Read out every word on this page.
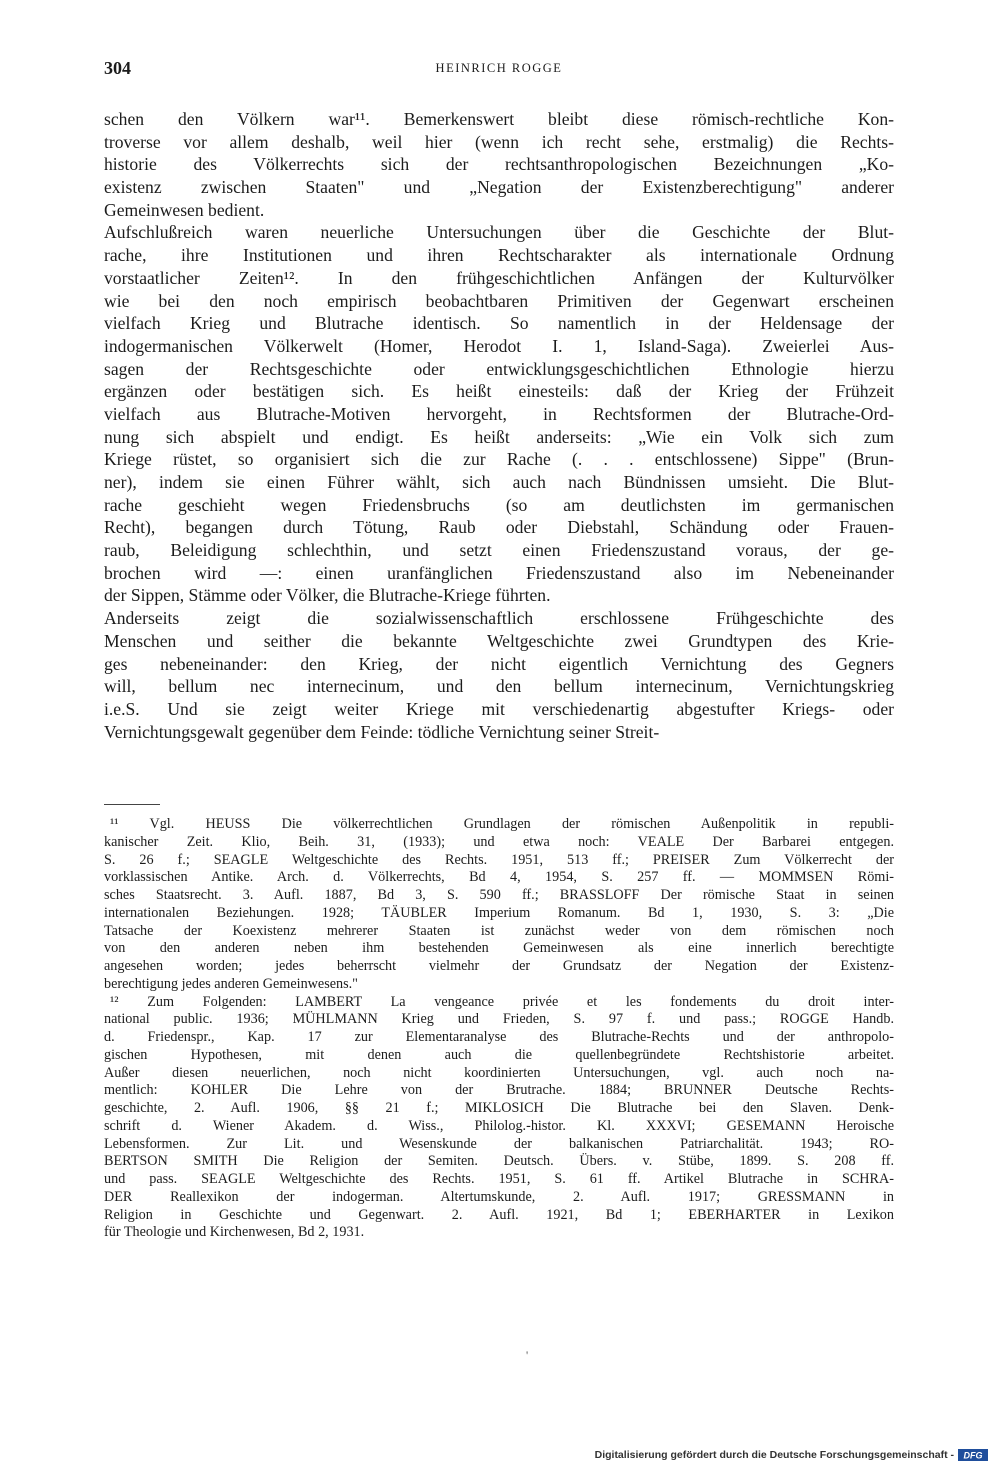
304	HEINRICH ROGGE
schen den Völkern war¹¹. Bemerkenswert bleibt diese römisch-rechtliche Kon-
troverse vor allem deshalb, weil hier (wenn ich recht sehe, erstmalig) die Rechts-
historie des Völkerrechts sich der rechtsanthropologischen Bezeichnungen „Ko-
existenz zwischen Staaten" und „Negation der Existenzberechtigung" anderer
Gemeinwesen bedient.
Aufschlußreich waren neuerliche Untersuchungen über die Geschichte der Blut-
rache, ihre Institutionen und ihren Rechtscharakter als internationale Ordnung
vorstaatlicher Zeiten¹². In den frühgeschichtlichen Anfängen der Kulturvölker
wie bei den noch empirisch beobachtbaren Primitiven der Gegenwart erscheinen
vielfach Krieg und Blutrache identisch. So namentlich in der Heldensage der
indogermanischen Völkerwelt (Homer, Herodot I. 1, Island-Saga). Zweierlei Aus-
sagen der Rechtsgeschichte oder entwicklungsgeschichtlichen Ethnologie hierzu
ergänzen oder bestätigen sich. Es heißt einesteils: daß der Krieg der Frühzeit
vielfach aus Blutrache-Motiven hervorgeht, in Rechtsformen der Blutrache-Ord-
nung sich abspielt und endigt. Es heißt anderseits: „Wie ein Volk sich zum
Kriege rüstet, so organisiert sich die zur Rache (. . . entschlossene) Sippe" (Brun-
ner), indem sie einen Führer wählt, sich auch nach Bündnissen umsieht. Die Blut-
rache geschieht wegen Friedensbruchs (so am deutlichsten im germanischen
Recht), begangen durch Tötung, Raub oder Diebstahl, Schändung oder Frauen-
raub, Beleidigung schlechthin, und setzt einen Friedenszustand voraus, der ge-
brochen wird —: einen uranfänglichen Friedenszustand also im Nebeneinander
der Sippen, Stämme oder Völker, die Blutrache-Kriege führten.
Anderseits zeigt die sozialwissenschaftlich erschlossene Frühgeschichte des
Menschen und seither die bekannte Weltgeschichte zwei Grundtypen des Krie-
ges nebeneinander: den Krieg, der nicht eigentlich Vernichtung des Gegners
will, bellum nec internecinum, und den bellum internecinum, Vernichtungskrieg
i.e.S. Und sie zeigt weiter Kriege mit verschiedenartig abgestufter Kriegs- oder
Vernichtungsgewalt gegenüber dem Feinde: tödliche Vernichtung seiner Streit-
¹¹ Vgl. HEUSS Die völkerrechtlichen Grundlagen der römischen Außenpolitik in republi-
kanischer Zeit. Klio, Beih. 31, (1933); und etwa noch: VEALE Der Barbarei entgegen.
S. 26 f.; SEAGLE Weltgeschichte des Rechts. 1951, 513 ff.; PREISER Zum Völkerrecht der
vorklassischen Antike. Arch. d. Völkerrechts, Bd 4, 1954, S. 257 ff. — MOMMSEN Römi-
sches Staatsrecht. 3. Aufl. 1887, Bd 3, S. 590 ff.; BRASSLOFF Der römische Staat in seinen
internationalen Beziehungen. 1928; TÄUBLER Imperium Romanum. Bd 1, 1930, S. 3: „Die
Tatsache der Koexistenz mehrerer Staaten ist zunächst weder von dem römischen noch
von den anderen neben ihm bestehenden Gemeinwesen als eine innerlich berechtigte
angesehen worden; jedes beherrscht vielmehr der Grundsatz der Negation der Existenz-
berechtigung jedes anderen Gemeinwesens."
¹² Zum Folgenden: LAMBERT La vengeance privée et les fondements du droit inter-
national public. 1936; MÜHLMANN Krieg und Frieden, S. 97 f. und pass.; ROGGE Handb.
d. Friedenspr., Kap. 17 zur Elementaranalyse des Blutrache-Rechts und der anthropolo-
gischen Hypothesen, mit denen auch die quellenbegründete Rechtshistorie arbeitet.
Außer diesen neuerlichen, noch nicht koordinierten Untersuchungen, vgl. auch noch na-
mentlich: KOHLER Die Lehre von der Brutrache. 1884; BRUNNER Deutsche Rechts-
geschichte, 2. Aufl. 1906, §§ 21 f.; MIKLOSICH Die Blutrache bei den Slaven. Denk-
schrift d. Wiener Akadem. d. Wiss., Philolog.-histor. Kl. XXXVI; GESEMANN Heroische
Lebensformen. Zur Lit. und Wesenskunde der balkanischen Patriarchalität. 1943; RO-
BERTSON SMITH Die Religion der Semiten. Deutsch. Übers. v. Stübe, 1899. S. 208 ff.
und pass. SEAGLE Weltgeschichte des Rechts. 1951, S. 61 ff. Artikel Blutrache in SCHRA-
DER Reallexikon der indogerman. Altertumskunde, 2. Aufl. 1917; GRESSMANN in
Religion in Geschichte und Gegenwart. 2. Aufl. 1921, Bd 1; EBERHARTER in Lexikon
für Theologie und Kirchenwesen, Bd 2, 1931.
'
Digitalisierung gefördert durch die Deutsche Forschungsgemeinschaft - DFG
